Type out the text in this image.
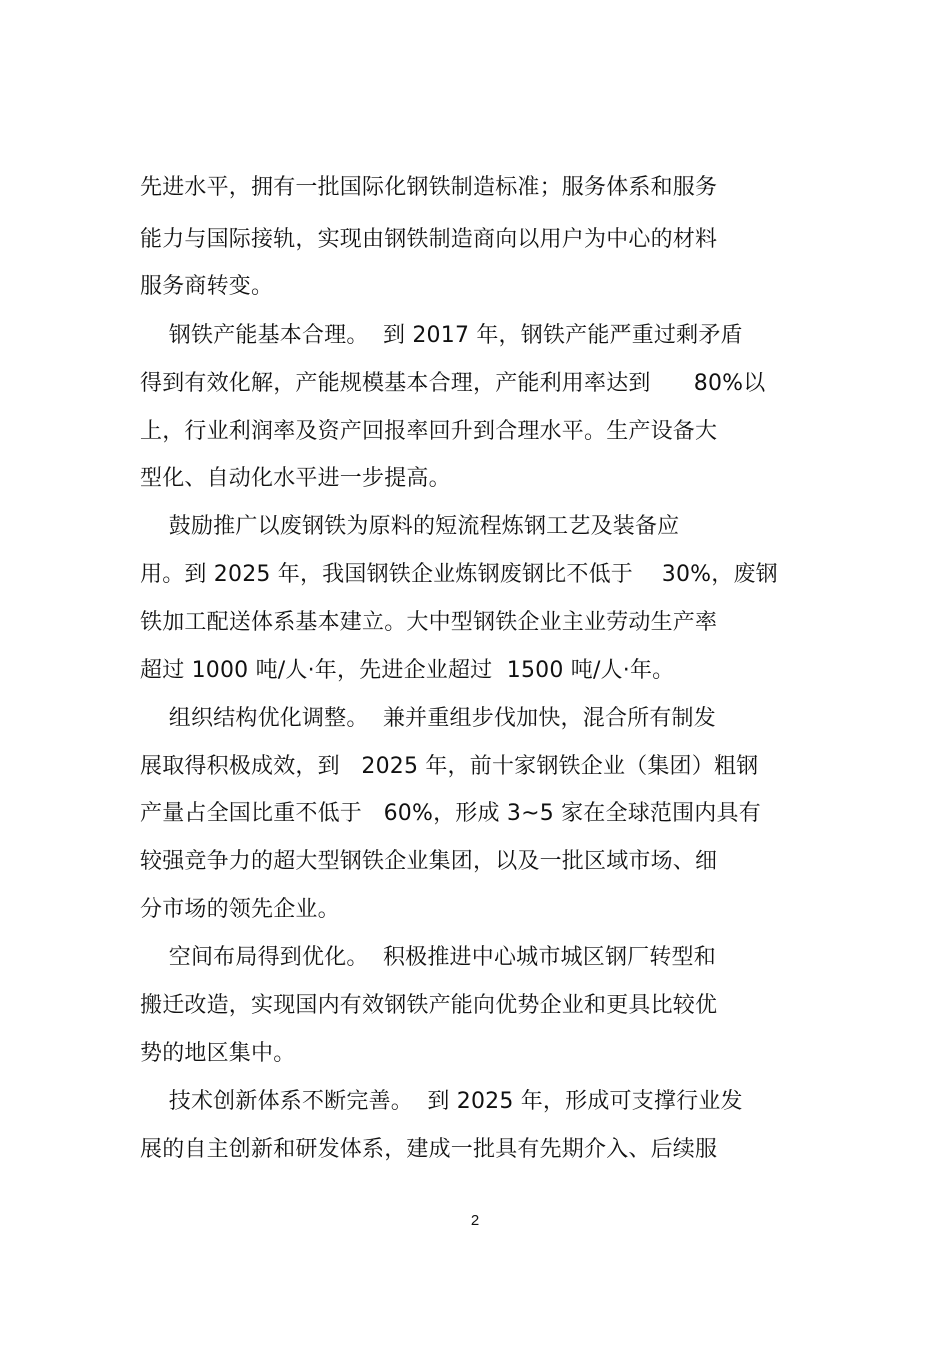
先进水平，拥有一批国际化钢铁制造标准；服务体系和服务

能力与国际接轨，实现由钢铁制造商向以用户为中心的材料

服务商转变。

钢铁产能基本合理。  到 2017 年，钢铁产能严重过剩矛盾

得到有效化解，产能规模基本合理，产能利用率达到      80%以

上，行业利润率及资产回报率回升到合理水平。生产设备大

型化、自动化水平进一步提高。

鼓励推广以废钢铁为原料的短流程炼钢工艺及装备应

用。到 2025 年，我国钢铁企业炼钢废钢比不低于    30%，废钢

铁加工配送体系基本建立。大中型钢铁企业主业劳动生产率

超过 1000 吨/人·年，先进企业超过  1500 吨/人·年。

组织结构优化调整。  兼并重组步伐加快，混合所有制发

展取得积极成效，到   2025 年，前十家钢铁企业（集团）粗钢

产量占全国比重不低于   60%，形成 3~5 家在全球范围内具有

较强竞争力的超大型钢铁企业集团，以及一批区域市场、细

分市场的领先企业。

空间布局得到优化。  积极推进中心城市城区钢厂转型和

搬迁改造，实现国内有效钢铁产能向优势企业和更具比较优

势的地区集中。

技术创新体系不断完善。  到 2025 年，形成可支撑行业发

展的自主创新和研发体系，建成一批具有先期介入、后续服

2
